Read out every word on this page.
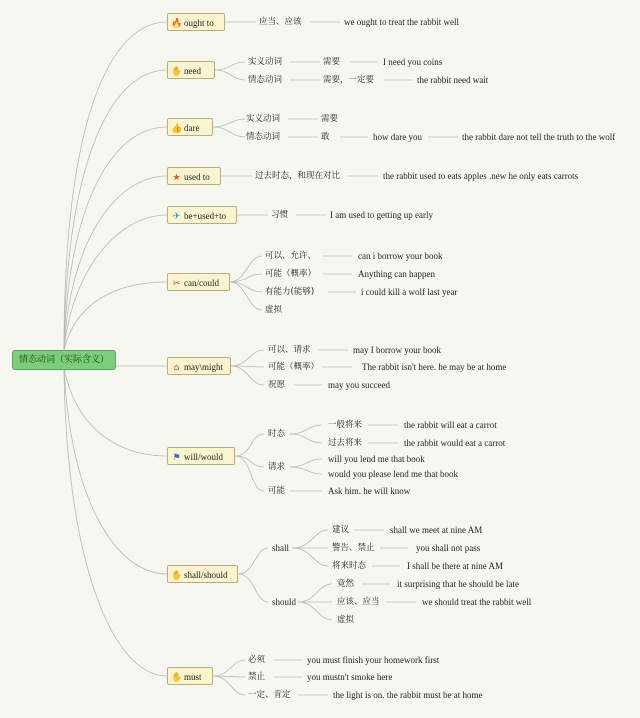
情态动词（实际含义）
🔥 ought to
✋ need
👍 dare
★ used to
✈ be+used+to
✂ can/could
⌂ may\might
⚑ will/would
✋ shall/should
✋ must
应当、应该	we ought to treat the rabbit well
实义动词	需要	I need you coins
情态动词	需要，一定要	the rabbit need wait
实义动词	需要
情态动词	敢	how dare you	the rabbit dare not tell the truth to the wolf
过去时态，和现在对比	the rabbit used to eats apples .new he only eats carrots
习惯	I am used to getting up early
可以、允许、	can i borrow your book
可能（概率）	Anything can happen
有能力(能够)	i could kill a wolf last year
虚拟
可以、请求	may I borrow your book
可能（概率）	The rabbit isn't here. he may be at home
祝愿	may you succeed
时态
一般将来	the rabbit will eat a carrot
过去将来	the rabbit would eat a carrot
请求
will you lend me that book
would you please lend me that book
可能	Ask him. he will know
shall
建议	shall we meet at nine AM
警告、禁止	you shall not pass
将来时态	I shall be there at nine AM
should
竟然	it surprising that he should be late
应该、应当	we should treat the rabbit well
虚拟
必须	you must finish your homework first
禁止	you mustn't smoke here
一定、肯定	the light is on. the rabbit must be at home
